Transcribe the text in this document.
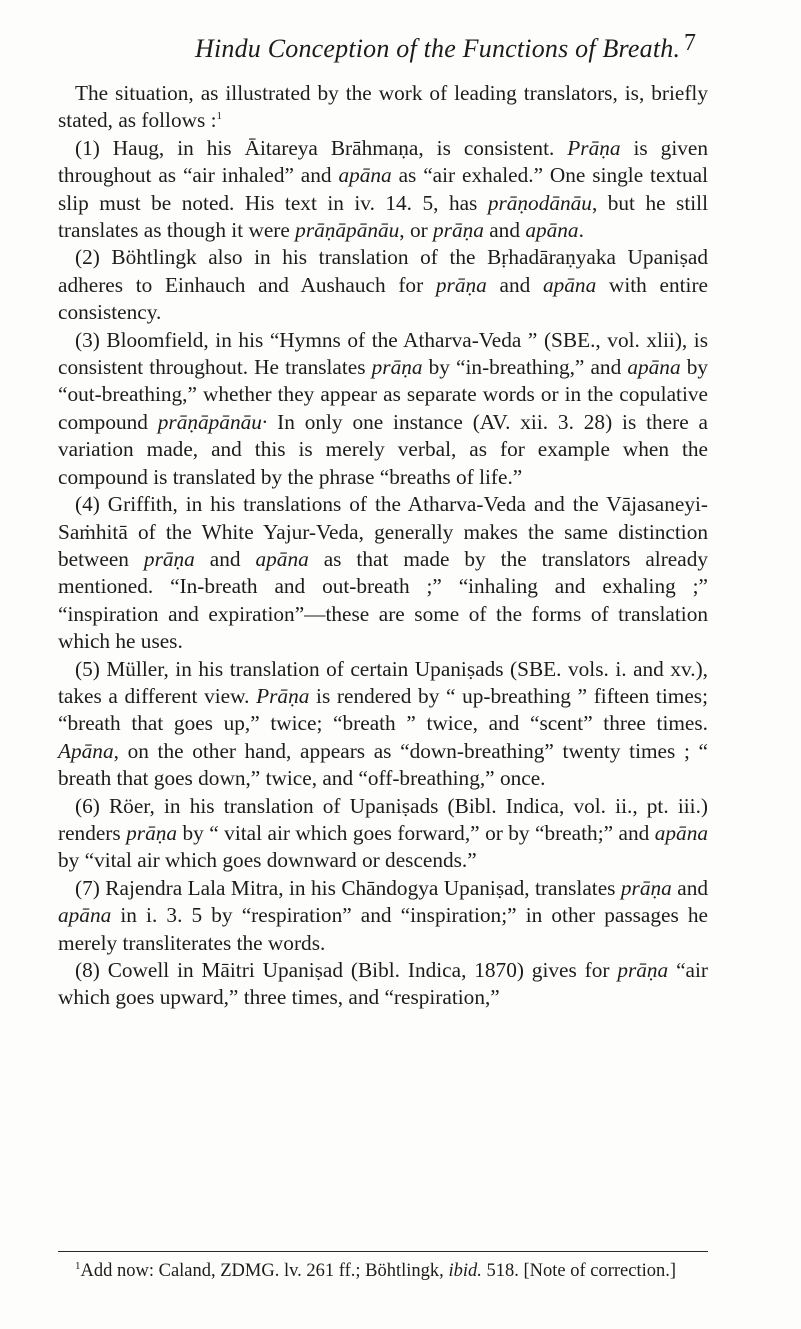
Hindu Conception of the Functions of Breath. 7

The situation, as illustrated by the work of leading translators, is, briefly stated, as follows :$^1$

(1) Haug, in his Āitareya Brāhmaṇa, is consistent. Prāṇa is given throughout as “air inhaled” and apāna as “air exhaled.” One single textual slip must be noted. His text in iv. 14. 5, has prāṇodānāu, but he still translates as though it were prāṇāpānāu, or prāṇa and apāna.

(2) Böhtlingk also in his translation of the Bṛhadāraṇyaka Upaniṣad adheres to Einhauch and Aushauch for prāṇa and apāna with entire consistency.

(3) Bloomfield, in his “Hymns of the Atharva-Veda ” (SBE., vol. xlii), is consistent throughout. He translates prāṇa by “in-breathing,” and apāna by “out-breathing,” whether they appear as separate words or in the copulative compound prāṇāpānāu· In only one instance (AV. xii. 3. 28) is there a variation made, and this is merely verbal, as for example when the compound is translated by the phrase “breaths of life.”

(4) Griffith, in his translations of the Atharva-Veda and the Vājasaneyi-Saṁhitā of the White Yajur-Veda, generally makes the same distinction between prāṇa and apāna as that made by the translators already mentioned. “In-breath and out-breath ;” “inhaling and exhaling ;” “inspiration and expiration”—these are some of the forms of translation which he uses.

(5) Müller, in his translation of certain Upaniṣads (SBE. vols. i. and xv.), takes a different view. Prāṇa is rendered by “ up-breathing ” fifteen times; “breath that goes up,” twice; “breath ” twice, and “scent” three times. Apāna, on the other hand, appears as “down-breathing” twenty times ; “ breath that goes down,” twice, and “off-breathing,” once.

(6) Röer, in his translation of Upaniṣads (Bibl. Indica, vol. ii., pt. iii.) renders prāṇa by “ vital air which goes forward,” or by “breath;” and apāna by “vital air which goes downward or descends.”

(7) Rajendra Lala Mitra, in his Chāndogya Upaniṣad, translates prāṇa and apāna in i. 3. 5 by “respiration” and “inspiration;” in other passages he merely transliterates the words.

(8) Cowell in Māitri Upaniṣad (Bibl. Indica, 1870) gives for prāṇa “air which goes upward,” three times, and “respiration,”

$^1$Add now: Caland, ZDMG. lv. 261 ff.; Böhtlingk, ibid. 518. [Note of correction.]
